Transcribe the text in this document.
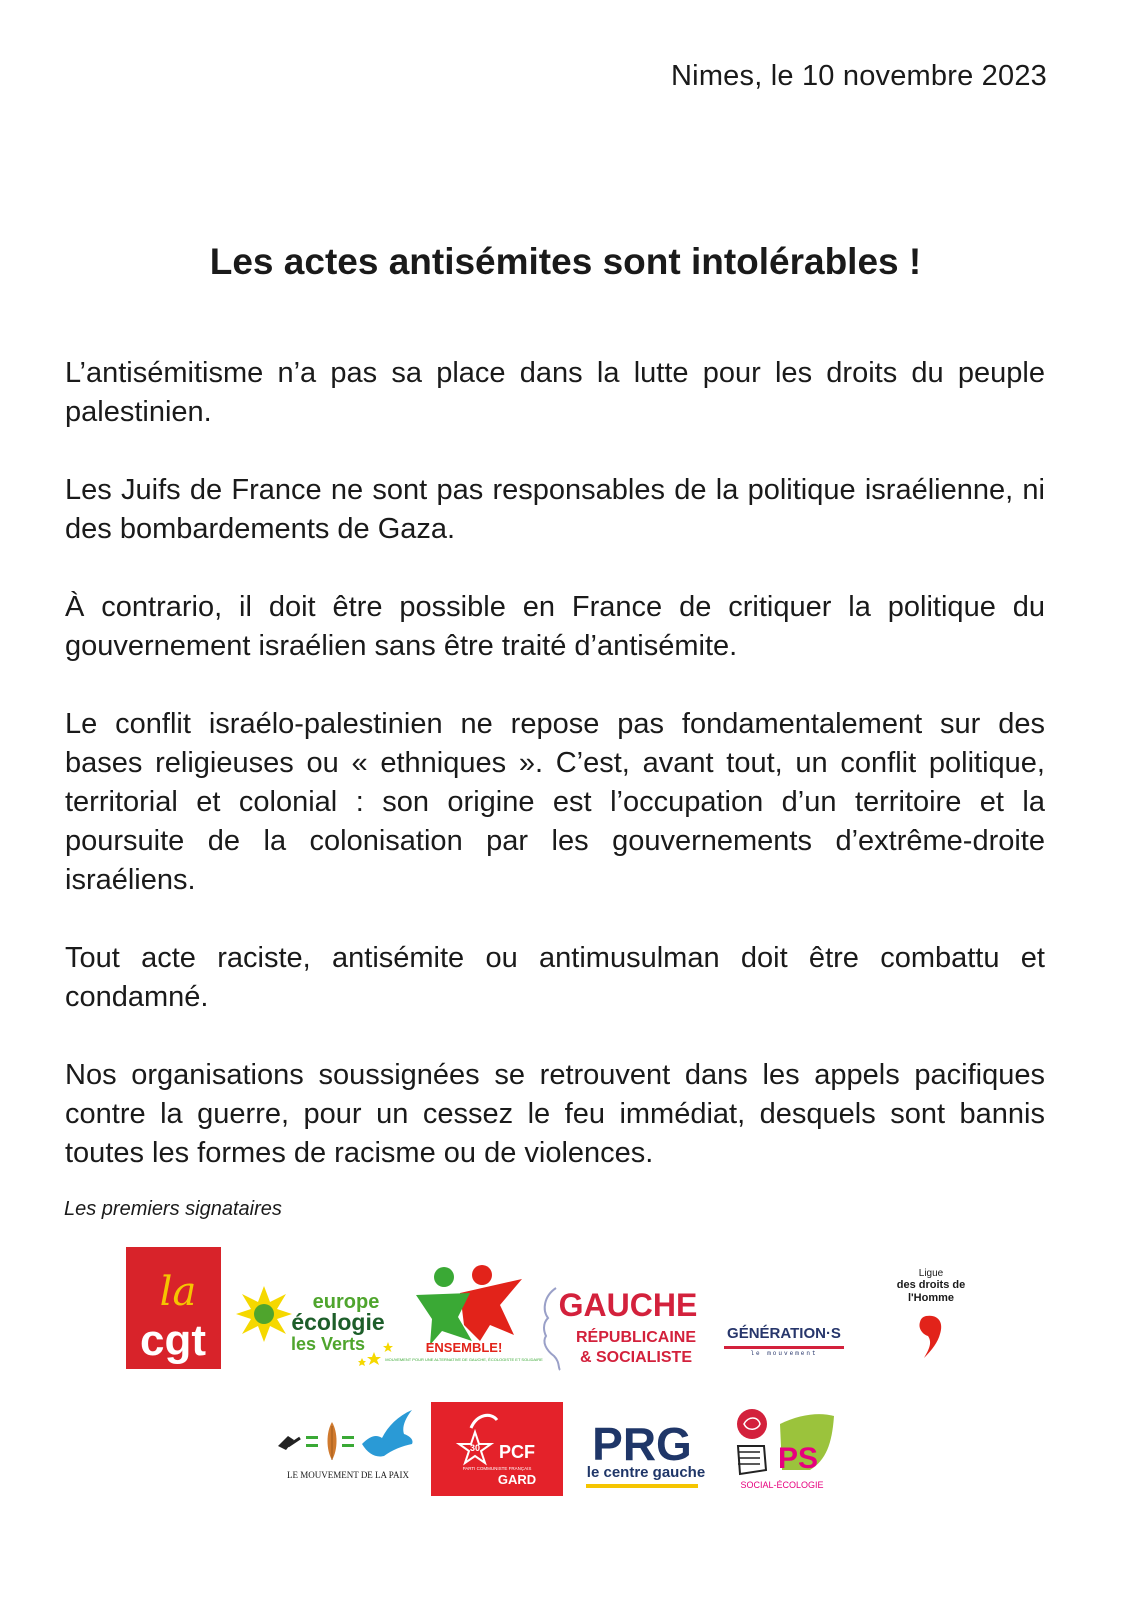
Nimes, le 10 novembre 2023
Les actes antisémites sont intolérables !

L’antisémitisme n’a pas sa place dans la lutte pour les droits du peuple palestinien.

Les Juifs de France ne sont pas responsables de la politique israélienne, ni des bombardements de Gaza.

À contrario, il doit être possible en France de critiquer la politique du gouvernement israélien sans être traité d’antisémite.

Le conflit israélo-palestinien ne repose pas fondamentalement sur des bases religieuses ou « ethniques ». C’est, avant tout, un conflit politique, territorial et colonial : son origine est l’occupation d’un territoire et la poursuite de la colonisation par les gouvernements d’extrême-droite israéliens.

Tout acte raciste, antisémite ou antimusulman doit être combattu et condamné.

Nos organisations soussignées se retrouvent dans les appels pacifiques contre la guerre, pour un cessez le feu immédiat, desquels sont bannis toutes les formes de racisme ou de violences.

Les premiers signataires
la
cgt
europe
écologie
les Verts	ENSEMBLE!
MOUVEMENT POUR UNE ALTERNATIVE DE GAUCHE, ÉCOLOGISTE ET SOLIDAIRE
GAUCHE
RÉPUBLICAINE
& SOCIALISTE
GÉNÉRATION·S
le mouvement
Ligue
des droits de
l'Homme
LE MOUVEMENT DE LA PAIX
30 PCF
PARTI COMMUNISTE FRANÇAIS
GARD
PRG
le centre gauche PS
SOCIAL-ÉCOLOGIE
